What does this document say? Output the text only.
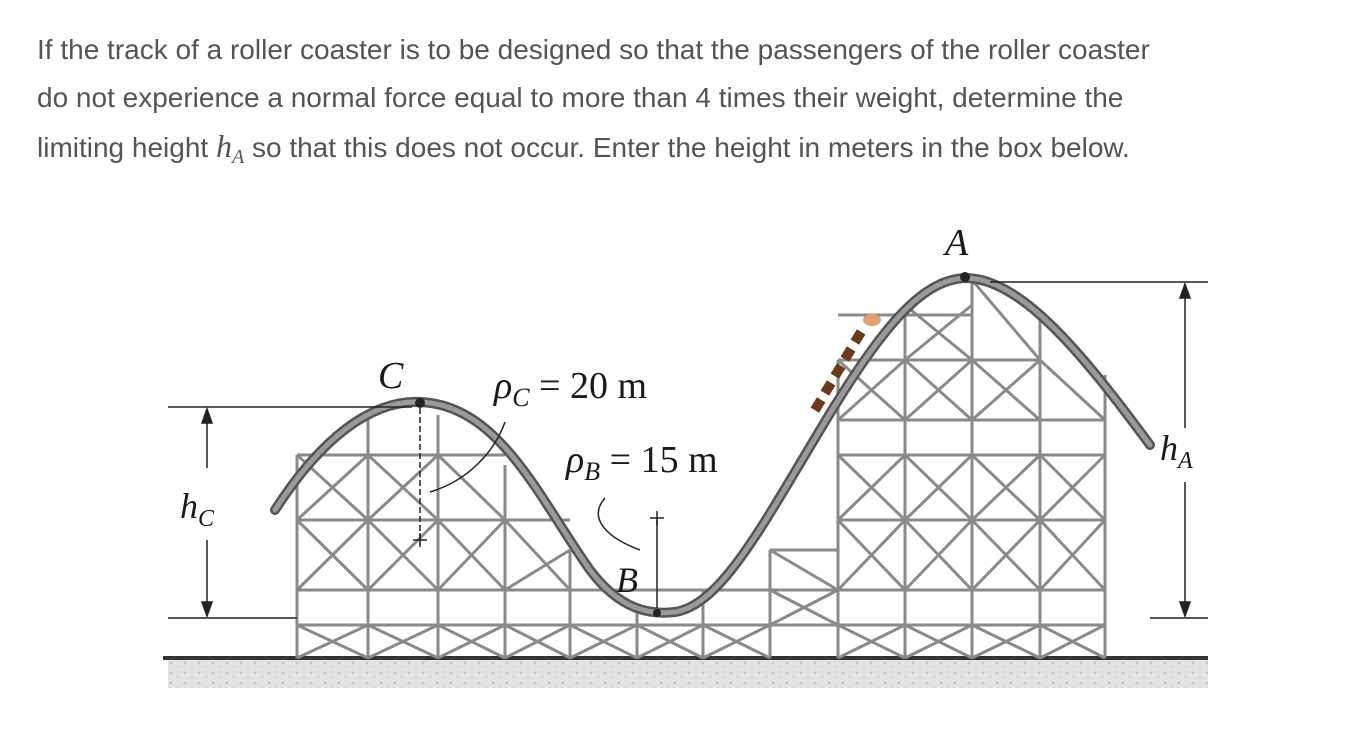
If the track of a roller coaster is to be designed so that the passengers of the roller coaster
do not experience a normal force equal to more than 4 times their weight, determine the
limiting height $h_A$ so that this does not occur. Enter the height in meters in the box below.

$h_A$
$h_C$
A
C
B
$\rho_C = 20$ m
$\rho_B = 15$ m
